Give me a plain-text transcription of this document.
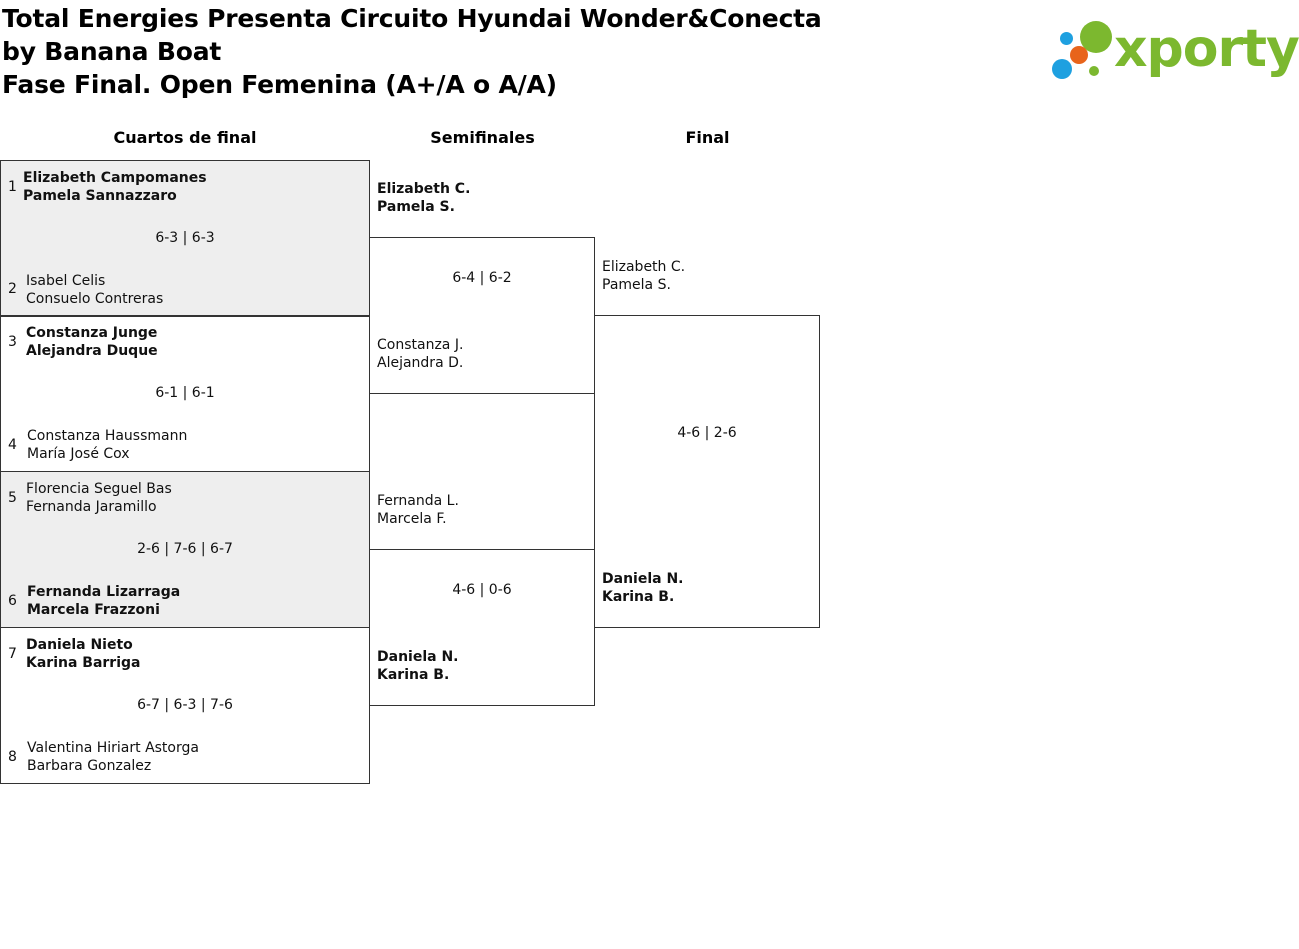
Total Energies Presenta Circuito Hyundai Wonder&Conecta by Banana Boat
Fase Final. Open Femenina (A+/A o A/A)
xporty
Cuartos de final	Semifinales	Final
1
Elizabeth Campomanes
Pamela Sannazzaro
6-3 | 6-3
2 Isabel Celis
Consuelo Contreras
3
Constanza Junge
Alejandra Duque
6-1 | 6-1
4
Constanza Haussmann
María José Cox
5
Florencia Seguel Bas
Fernanda Jaramillo
2-6 | 7-6 | 6-7
6
Fernanda Lizarraga
Marcela Frazzoni
7
Daniela Nieto
Karina Barriga
6-7 | 6-3 | 7-6
8
Valentina Hiriart Astorga
Barbara Gonzalez
Elizabeth C.
Pamela S.
6-4 | 6-2
Constanza J.
Alejandra D.
Fernanda L.
Marcela F.
4-6 | 0-6
Daniela N.
Karina B.
Elizabeth C.
Pamela S.
4-6 | 2-6
Daniela N.
Karina B.
